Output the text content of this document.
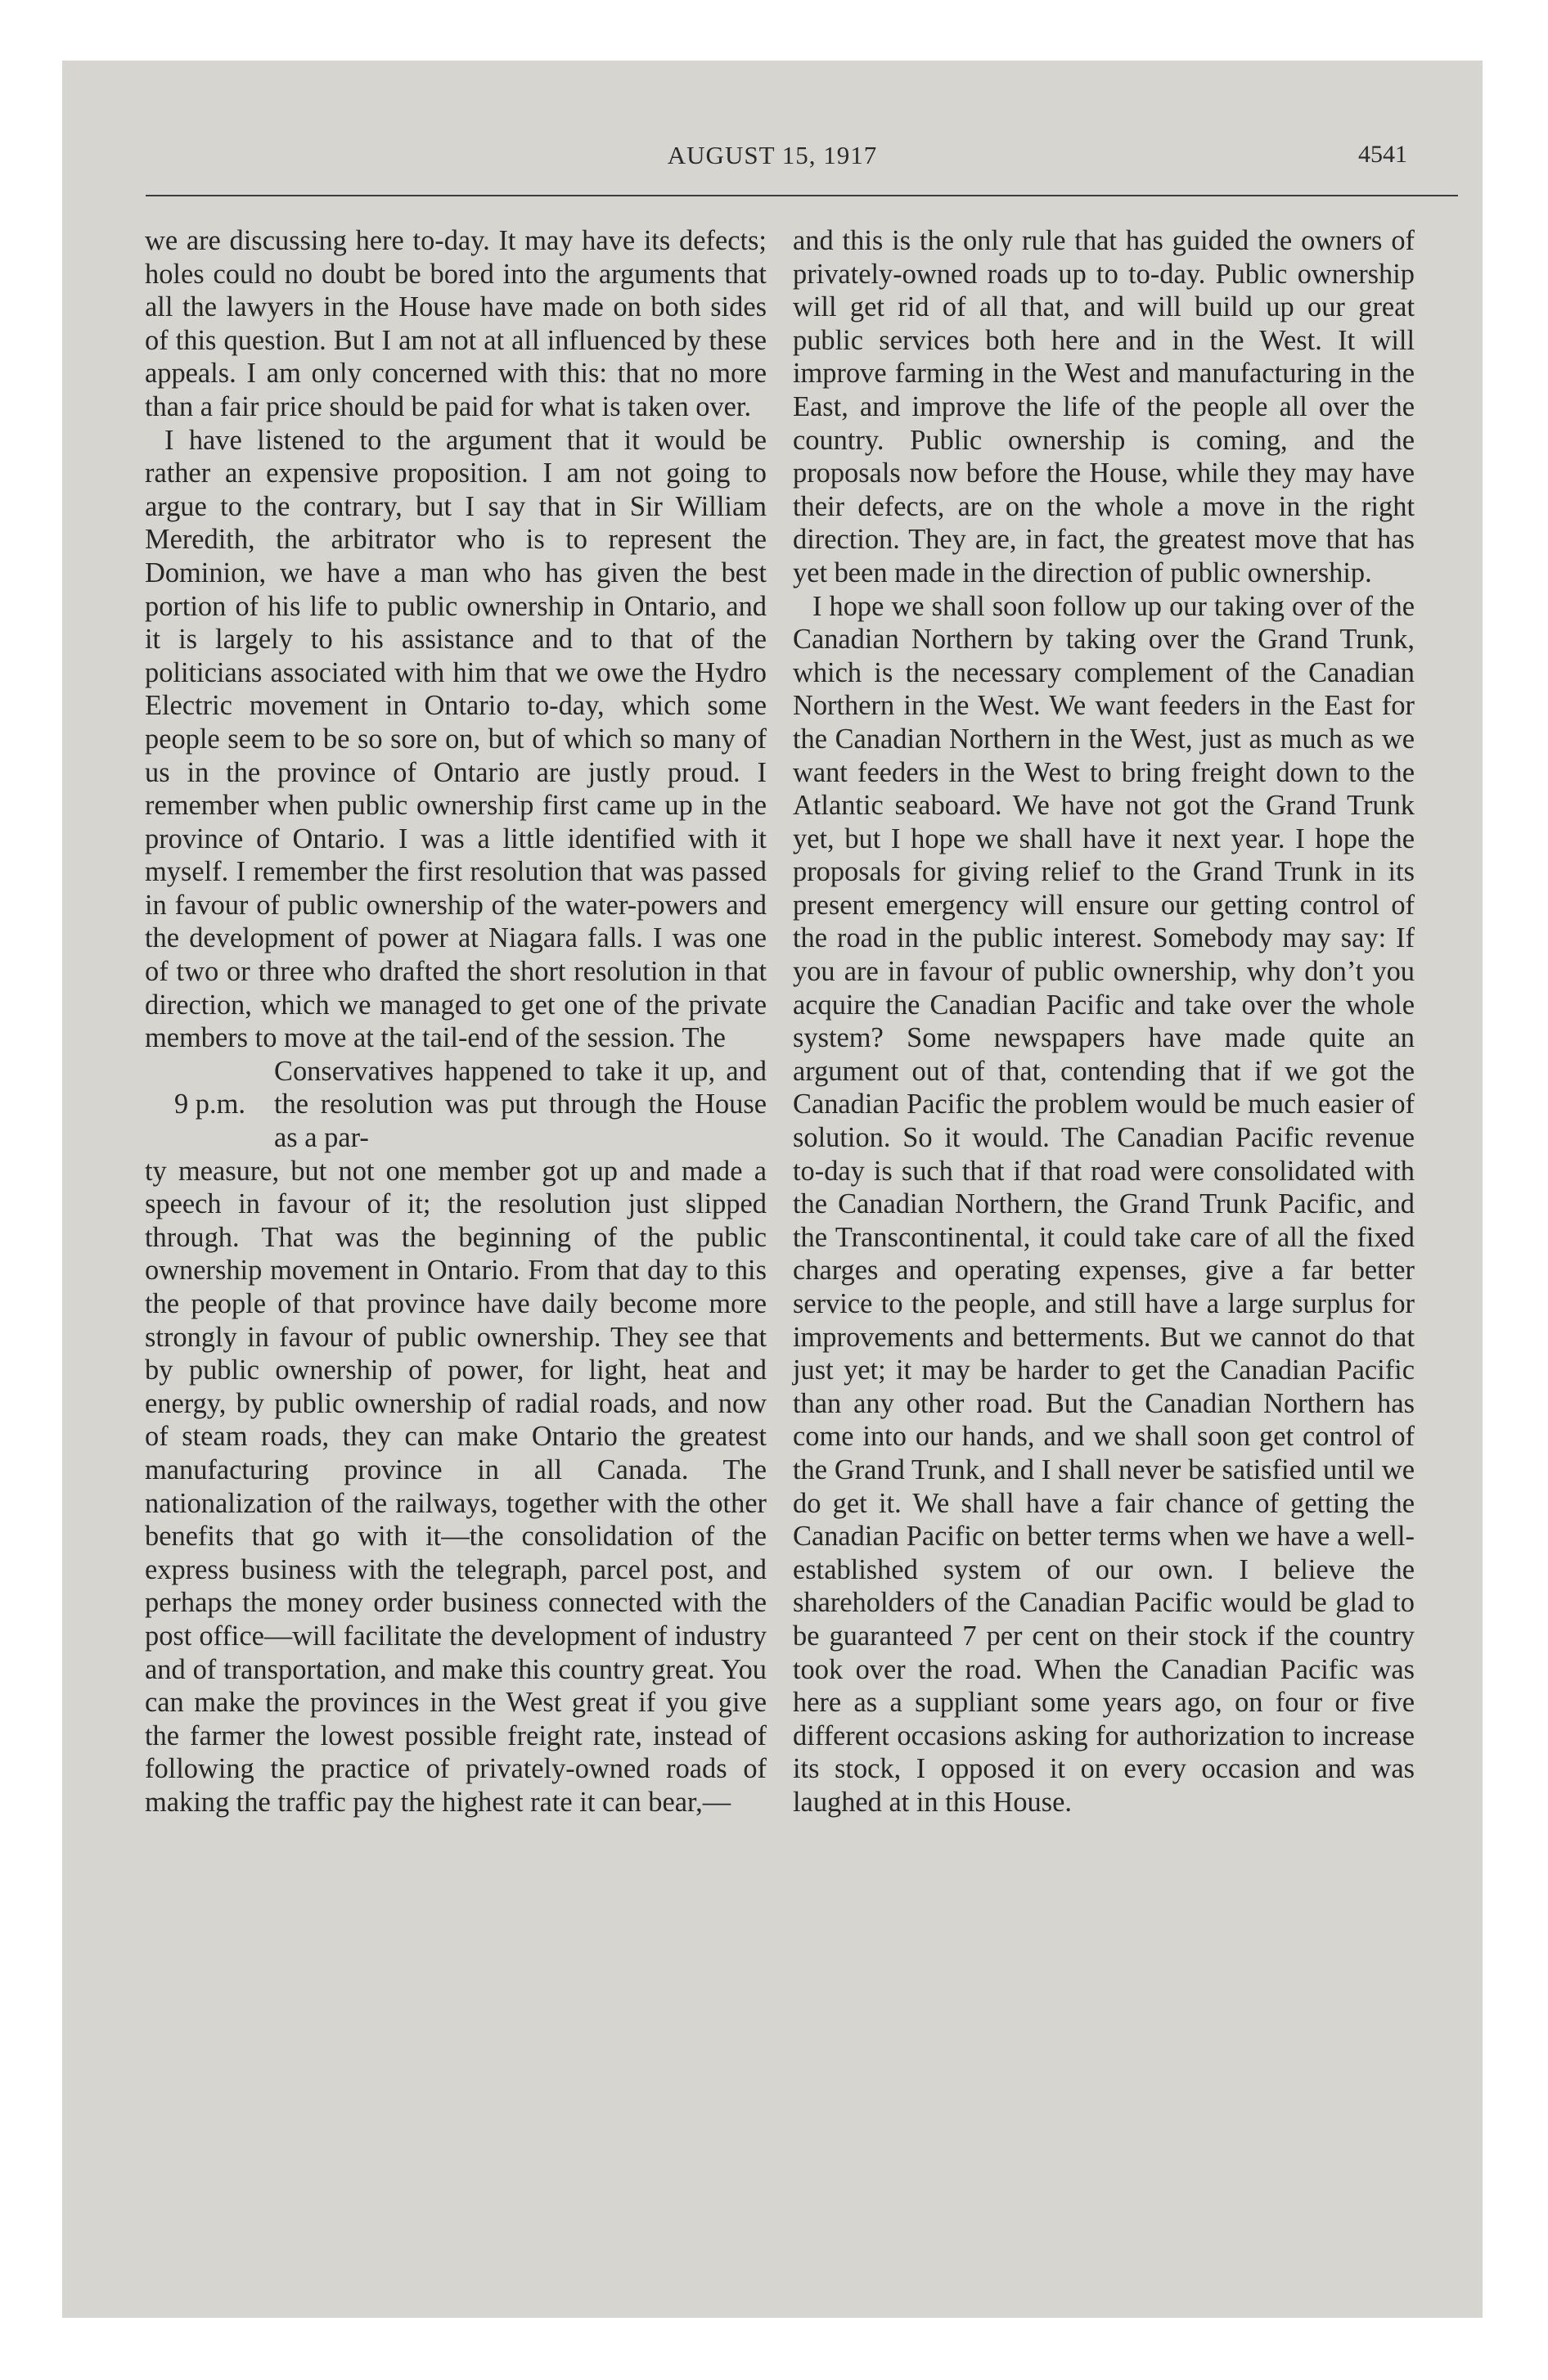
AUGUST 15, 1917	4541

we are discussing here to-day. It may have its defects; holes could no doubt be bored into the arguments that all the lawyers in the House have made on both sides of this question. But I am not at all influenced by these appeals. I am only concerned with this: that no more than a fair price should be paid for what is taken over.

I have listened to the argument that it would be rather an expensive proposition. I am not going to argue to the contrary, but I say that in Sir William Meredith, the arbitrator who is to represent the Dominion, we have a man who has given the best portion of his life to public ownership in Ontario, and it is largely to his assistance and to that of the politicians associated with him that we owe the Hydro Electric movement in Ontario to-day, which some people seem to be so sore on, but of which so many of us in the province of Ontario are justly proud. I remember when public ownership first came up in the province of Ontario. I was a little identified with it myself. I remember the first resolution that was passed in favour of public ownership of the water-powers and the development of power at Niagara falls. I was one of two or three who drafted the short resolution in that direction, which we managed to get one of the private members to move at the tail-end of the session. The

9 p.m.

Conservatives happened to take it up, and the resolution was put through the House as a par-

ty measure, but not one member got up and made a speech in favour of it; the resolution just slipped through. That was the beginning of the public ownership movement in Ontario. From that day to this the people of that province have daily become more strongly in favour of public ownership. They see that by public ownership of power, for light, heat and energy, by public ownership of radial roads, and now of steam roads, they can make Ontario the greatest manufacturing province in all Canada. The nationalization of the railways, together with the other benefits that go with it—the consolidation of the express business with the telegraph, parcel post, and perhaps the money order business connected with the post office—will facilitate the development of industry and of transportation, and make this country great. You can make the provinces in the West great if you give the farmer the lowest possible freight rate, instead of following the practice of privately-owned roads of making the traffic pay the highest rate it can bear,—

and this is the only rule that has guided the owners of privately-owned roads up to to-day. Public ownership will get rid of all that, and will build up our great public services both here and in the West. It will improve farming in the West and manufacturing in the East, and improve the life of the people all over the country. Public ownership is coming, and the proposals now before the House, while they may have their defects, are on the whole a move in the right direction. They are, in fact, the greatest move that has yet been made in the direction of public ownership.

I hope we shall soon follow up our taking over of the Canadian Northern by taking over the Grand Trunk, which is the necessary complement of the Canadian Northern in the West. We want feeders in the East for the Canadian Northern in the West, just as much as we want feeders in the West to bring freight down to the Atlantic seaboard. We have not got the Grand Trunk yet, but I hope we shall have it next year. I hope the proposals for giving relief to the Grand Trunk in its present emergency will ensure our getting control of the road in the public interest. Somebody may say: If you are in favour of public ownership, why don’t you acquire the Canadian Pacific and take over the whole system? Some newspapers have made quite an argument out of that, contending that if we got the Canadian Pacific the problem would be much easier of solution. So it would. The Canadian Pacific revenue to-day is such that if that road were consolidated with the Canadian Northern, the Grand Trunk Pacific, and the Transcontinental, it could take care of all the fixed charges and operating expenses, give a far better service to the people, and still have a large surplus for improvements and betterments. But we cannot do that just yet; it may be harder to get the Canadian Pacific than any other road. But the Canadian Northern has come into our hands, and we shall soon get control of the Grand Trunk, and I shall never be satisfied until we do get it. We shall have a fair chance of getting the Canadian Pacific on better terms when we have a well-established system of our own. I believe the shareholders of the Canadian Pacific would be glad to be guaranteed 7 per cent on their stock if the country took over the road. When the Canadian Pacific was here as a suppliant some years ago, on four or five different occasions asking for authorization to increase its stock, I opposed it on every occasion and was laughed at in this House.
